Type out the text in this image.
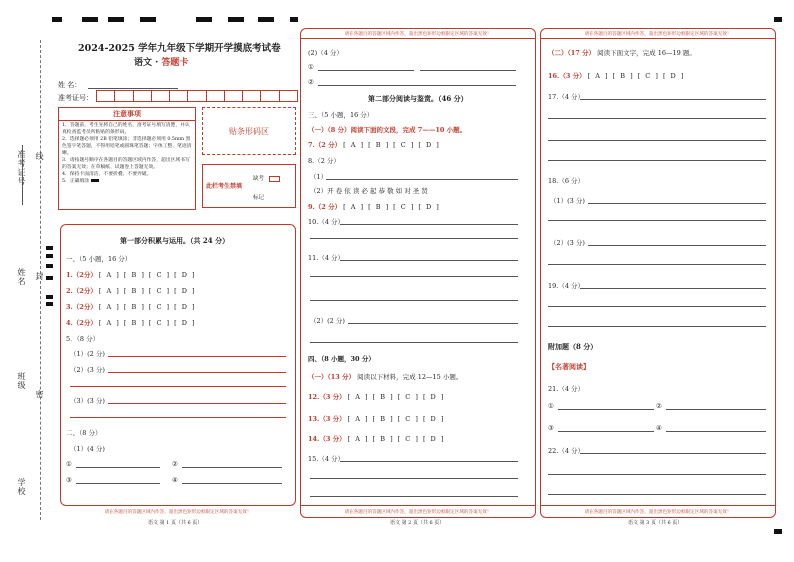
准考证号 线
姓名 封
班级
密
学校
2024-2025 学年九年级下学期开学摸底考试卷
语文 · 答题卡
姓 名：
准考证号：
注意事项
1．答题前，考生先将自己的姓名，准考证号填写清楚，并认真检查监考员所粘贴的条形码。
2．选择题必须用 2B 铅笔填涂；非选择题必须用 0.5mm 黑色签字笔答题，不得用铅笔或圆珠笔答题；字体工整、笔迹清晰。
3．请按题号顺序在各题目的答题区域内作答，超出区域书写的答案无效；在草稿纸、试题卷上答题无效。
4．保持卡面清洁，不要折叠、不要弄破。
5．正确填涂
贴条形码区
此栏考生禁填
缺考
标记
第一部分积累与运用。（共 24 分）
一、（5 小题，16 分）
1.（2分） [ A ] [ B ] [ C ] [ D ]
2.（2分） [ A ] [ B ] [ C ] [ D ]
3.（2分） [ A ] [ B ] [ C ] [ D ]
4.（2分） [ A ] [ B ] [ C ] [ D ]
5．（8 分）
（1）(2 分)
（2）(3 分)
（3）(3 分)
二、（8 分）
（1）(4 分)
①	②
③	④
请在各题目的答题区域内作答，超出黑色矩形边框限定区域的答案无效！
语文 第 1 页（共 6 页）
请在各题目的答题区域内作答，超出黑色矩形边框限定区域的答案无效！
(2)（4 分）
①
②
第二部分阅读与鉴赏。（46 分）
三、（5 小题，16 分）
（一）（8 分）阅读下面的文段，完成 7——10 小题。
7.（2 分） [ A ] [ B ] [ C ] [ D ]
8.（2 分）
（1）
（2）开 卷 依 读 必 起 恭 敬 如 对 圣 贤
9.（2 分） [ A ] [ B ] [ C ] [ D ]
10.（4 分）
11.（4 分）
（2）(2 分)
四、（8 小题，30 分）
（一）（13 分） 阅读以下材料，完成 12—15 小题。
12.（3 分） [ A ] [ B ] [ C ] [ D ]
13.（3 分） [ A ] [ B ] [ C ] [ D ]
14.（3 分） [ A ] [ B ] [ C ] [ D ]
15.（4 分）
请在各题目的答题区域内作答，超出黑色矩形边框限定区域的答案无效！
语文 第 2 页（共 6 页）
请在各题目的答题区域内作答，超出黑色矩形边框限定区域的答案无效！
（二）（17 分） 阅读下面文字，完成 16—19 题。
16.（3 分） [ A ] [ B ] [ C ] [ D ]
17.（4 分）
18.（6 分）
（1）(3 分)
（2）(3 分)
19.（4 分）
附加题（8 分）
【名著阅读】
21.（4 分）
①	②
③	④
22.（4 分）
请在各题目的答题区域内作答，超出黑色矩形边框限定区域的答案无效！
语文 第 3 页（共 6 页）
